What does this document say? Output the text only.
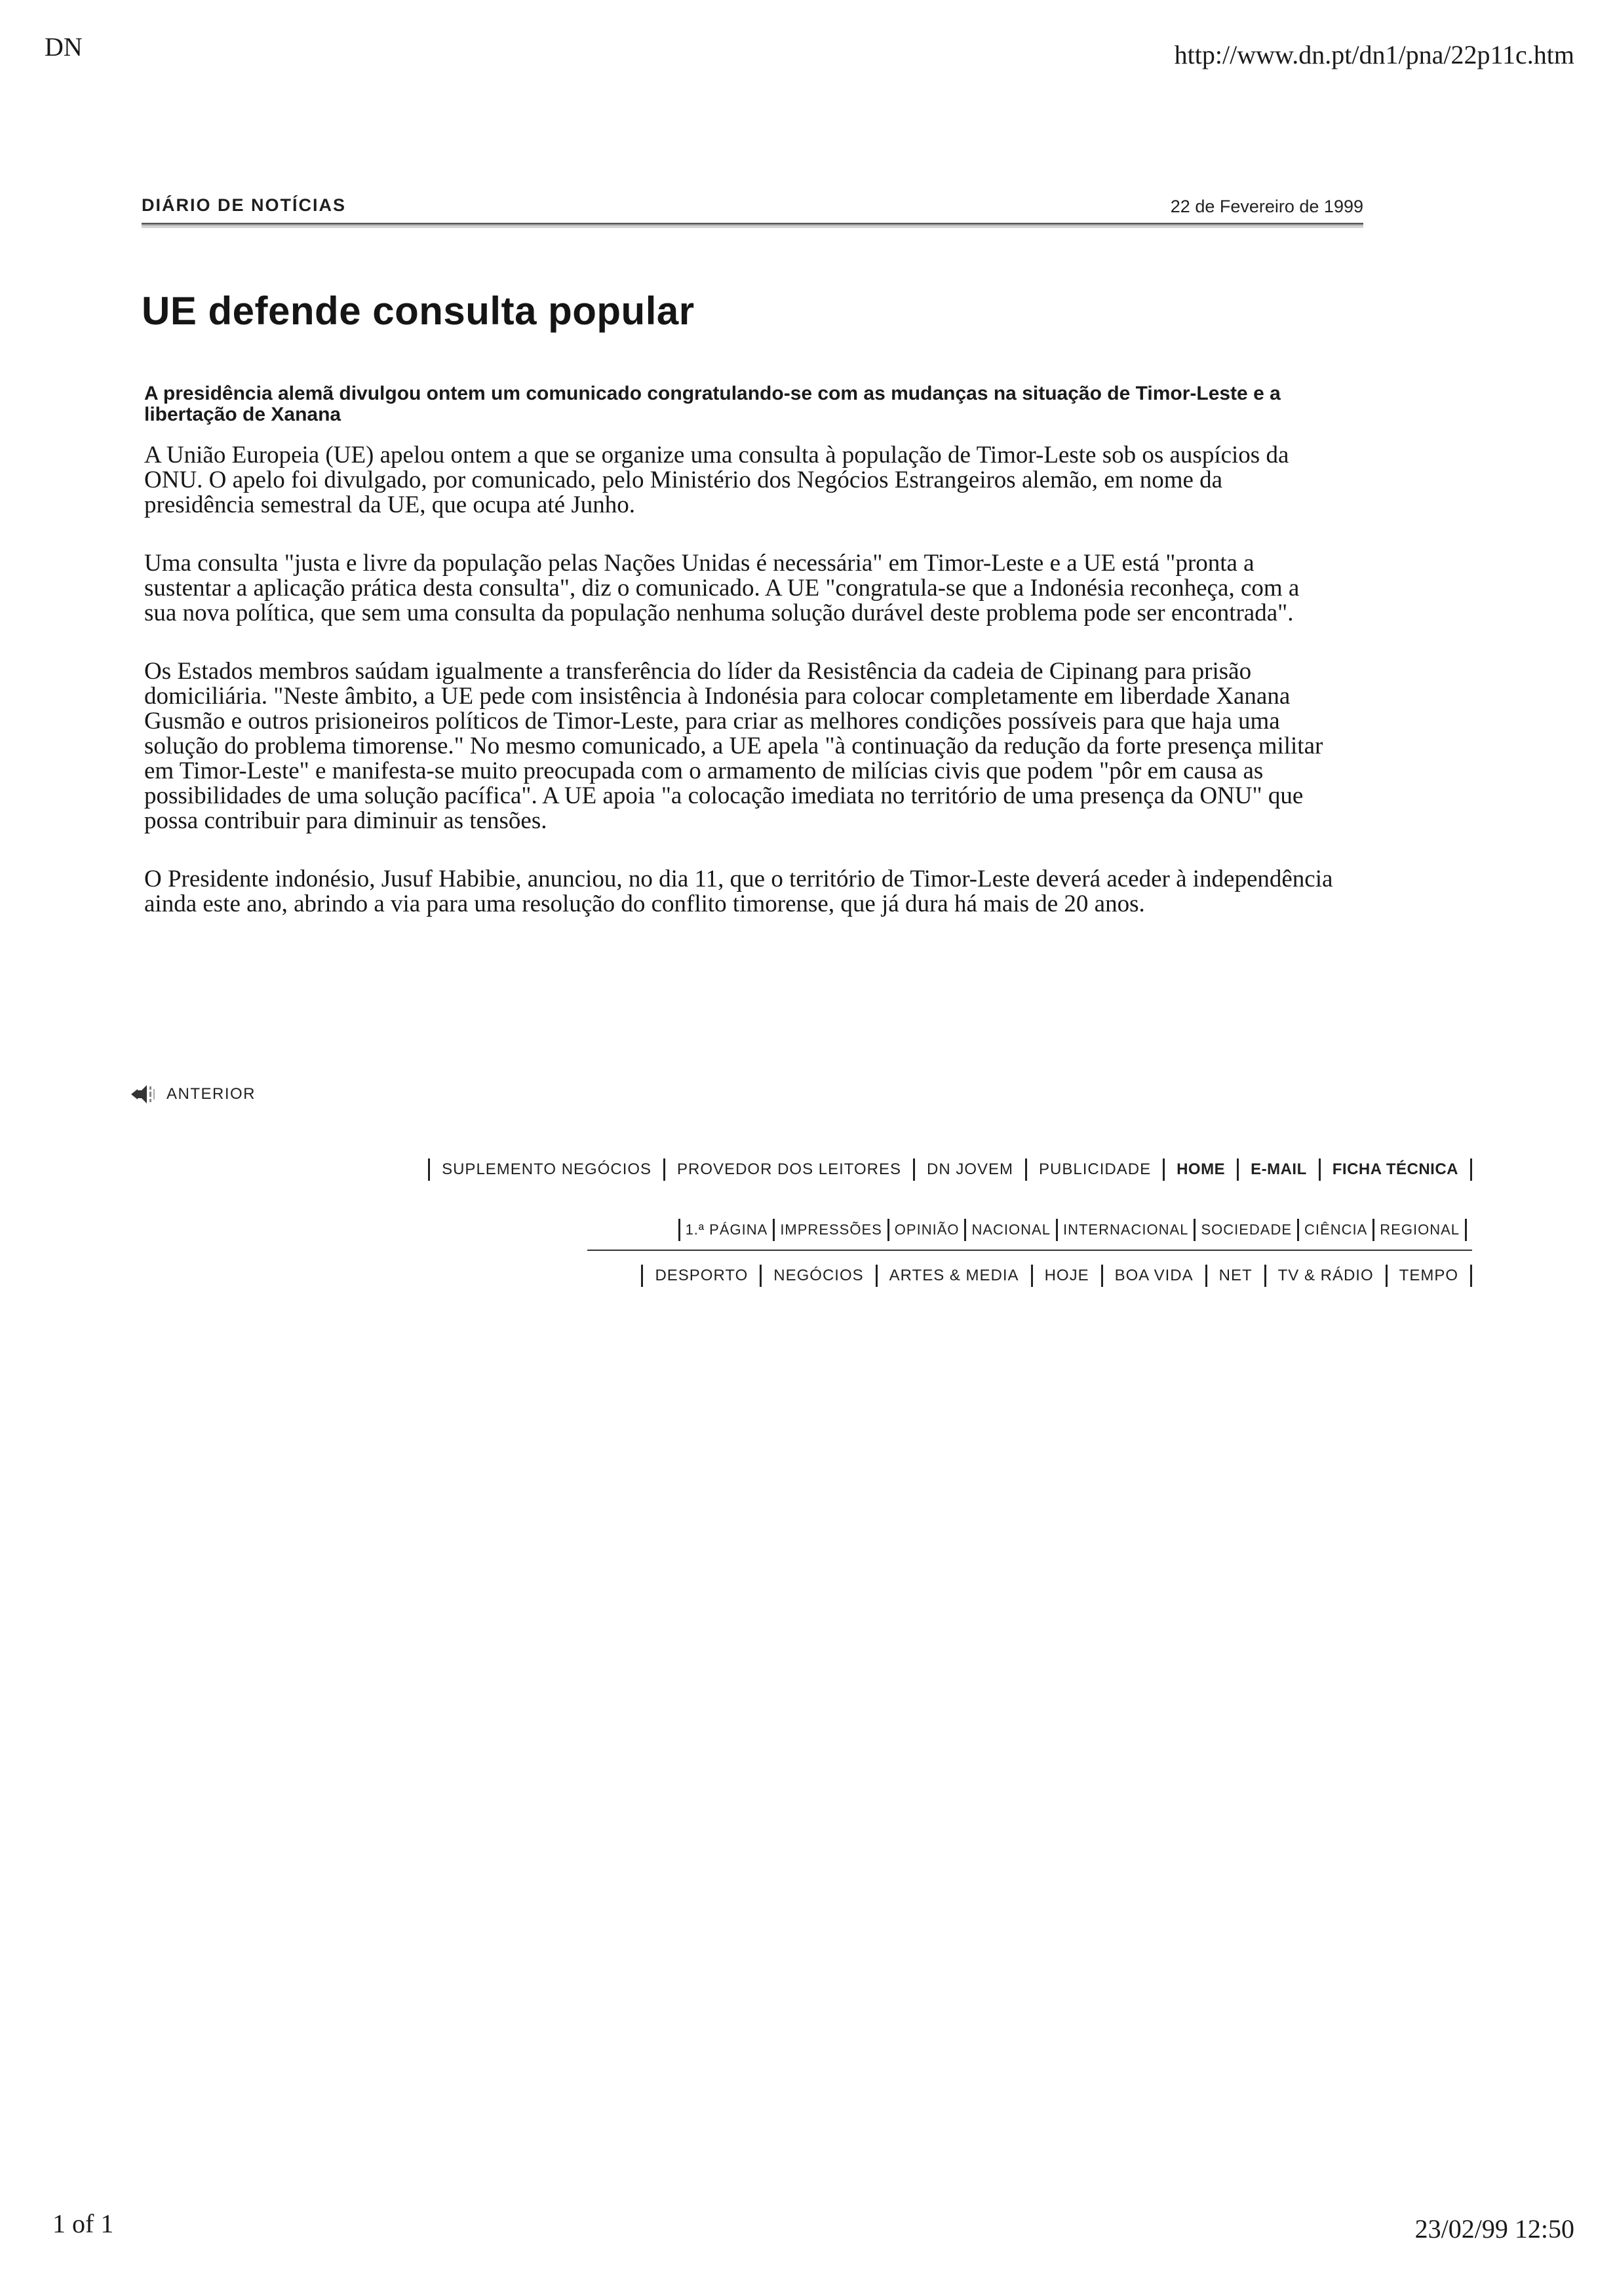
DN	http://www.dn.pt/dn1/pna/22p11c.htm
DIÁRIO DE NOTÍCIAS	22 de Fevereiro de 1999
UE defende consulta popular

A presidência alemã divulgou ontem um comunicado congratulando-se com as mudanças na situação de Timor-Leste e a libertação de Xanana

A União Europeia (UE) apelou ontem a que se organize uma consulta à população de Timor-Leste sob os auspícios da ONU. O apelo foi divulgado, por comunicado, pelo Ministério dos Negócios Estrangeiros alemão, em nome da presidência semestral da UE, que ocupa até Junho.

Uma consulta "justa e livre da população pelas Nações Unidas é necessária" em Timor-Leste e a UE está "pronta a sustentar a aplicação prática desta consulta", diz o comunicado. A UE "congratula-se que a Indonésia reconheça, com a sua nova política, que sem uma consulta da população nenhuma solução durável deste problema pode ser encontrada".

Os Estados membros saúdam igualmente a transferência do líder da Resistência da cadeia de Cipinang para prisão domiciliária. "Neste âmbito, a UE pede com insistência à Indonésia para colocar completamente em liberdade Xanana Gusmão e outros prisioneiros políticos de Timor-Leste, para criar as melhores condições possíveis para que haja uma solução do problema timorense." No mesmo comunicado, a UE apela "à continuação da redução da forte presença militar em Timor-Leste" e manifesta-se muito preocupada com o armamento de milícias civis que podem "pôr em causa as possibilidades de uma solução pacífica". A UE apoia "a colocação imediata no território de uma presença da ONU" que possa contribuir para diminuir as tensões.

O Presidente indonésio, Jusuf Habibie, anunciou, no dia 11, que o território de Timor-Leste deverá aceder à independência ainda este ano, abrindo a via para uma resolução do conflito timorense, que já dura há mais de 20 anos.

ANTERIOR
SUPLEMENTO NEGÓCIOS PROVEDOR DOS LEITORES DN JOVEM PUBLICIDADE HOME E-MAIL FICHA TÉCNICA
1.ª PÁGINA IMPRESSÕES OPINIÃO NACIONAL INTERNACIONAL SOCIEDADE CIÊNCIA REGIONAL
DESPORTO NEGÓCIOS ARTES & MEDIA HOJE BOA VIDA NET TV & RÁDIO TEMPO
1 of 1	23/02/99 12:50
